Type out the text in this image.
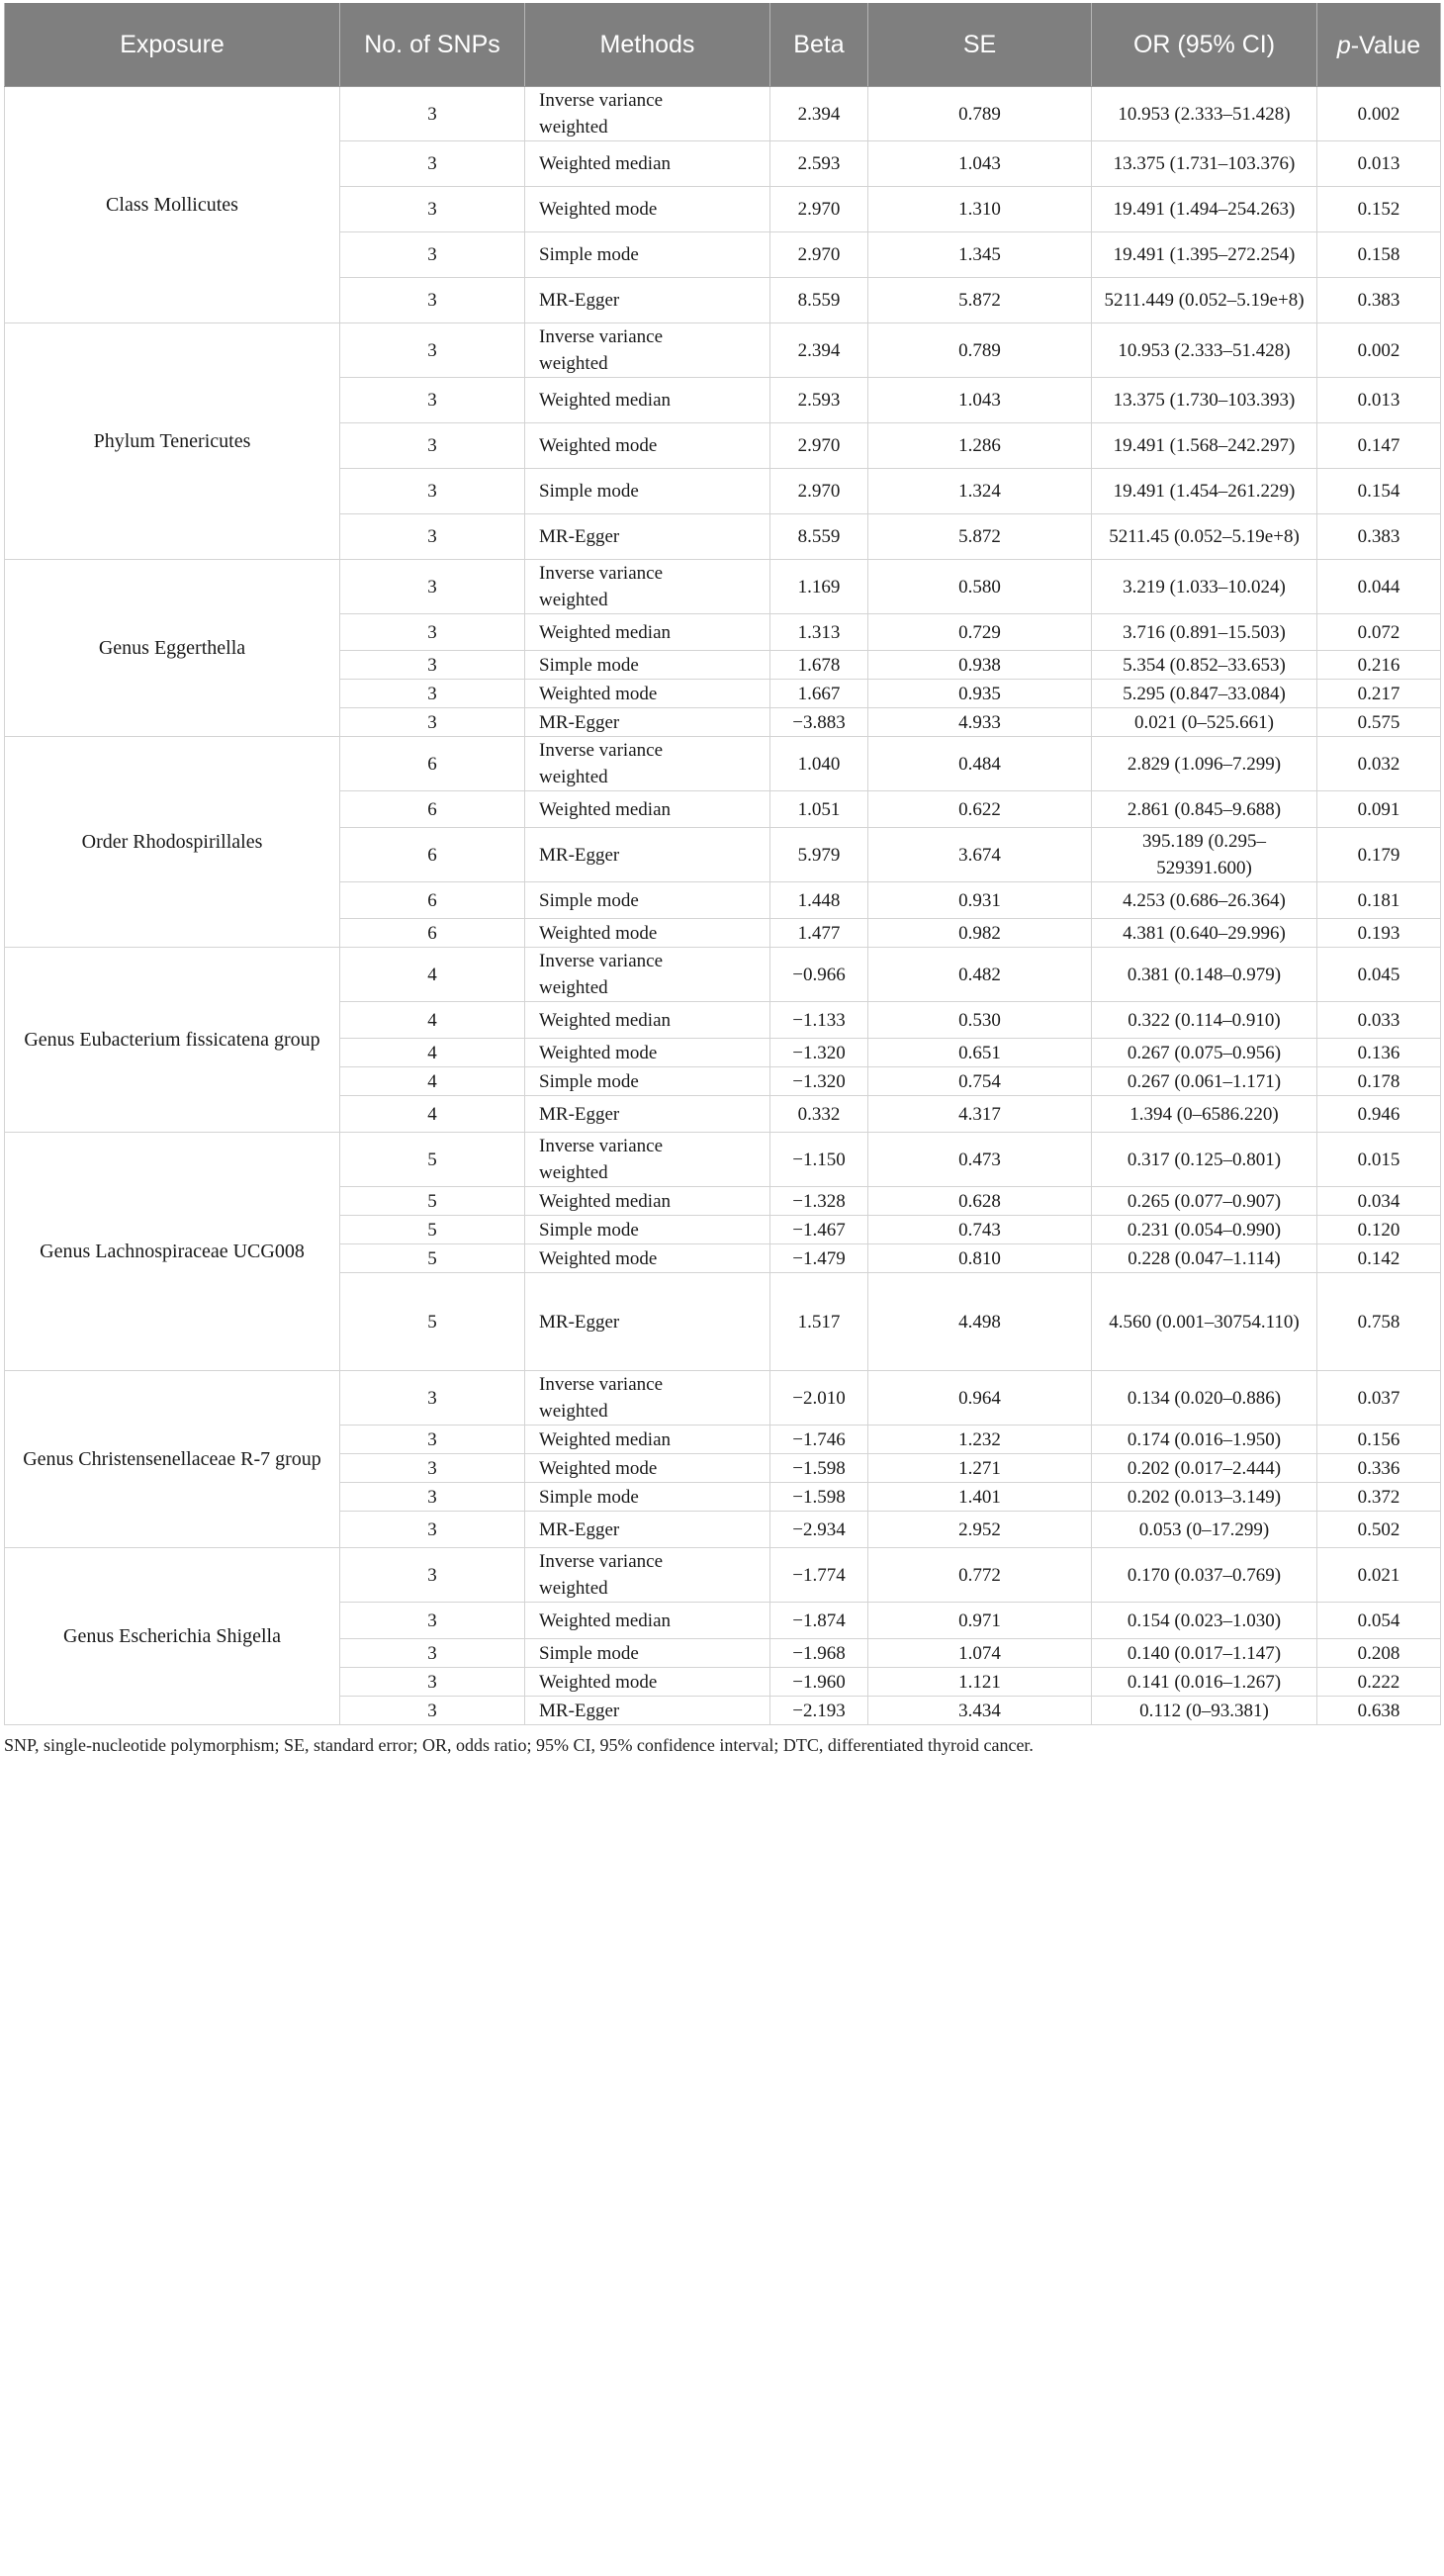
Exposure	No. of SNPs	Methods	Beta	SE	OR (95% CI)	p-Value
Class Mollicutes	3	Inverse variance weighted	2.394	0.789	10.953 (2.333–51.428)	0.002
	3	Weighted median	2.593	1.043	13.375 (1.731–103.376)	0.013
	3	Weighted mode	2.970	1.310	19.491 (1.494–254.263)	0.152
	3	Simple mode	2.970	1.345	19.491 (1.395–272.254)	0.158
	3	MR-Egger	8.559	5.872	5211.449 (0.052–5.19e+8)	0.383
Phylum Tenericutes	3	Inverse variance weighted	2.394	0.789	10.953 (2.333–51.428)	0.002
	3	Weighted median	2.593	1.043	13.375 (1.730–103.393)	0.013
	3	Weighted mode	2.970	1.286	19.491 (1.568–242.297)	0.147
	3	Simple mode	2.970	1.324	19.491 (1.454–261.229)	0.154
	3	MR-Egger	8.559	5.872	5211.45 (0.052–5.19e+8)	0.383
Genus Eggerthella	3	Inverse variance weighted	1.169	0.580	3.219 (1.033–10.024)	0.044
	3	Weighted median	1.313	0.729	3.716 (0.891–15.503)	0.072
	3	Simple mode	1.678	0.938	5.354 (0.852–33.653)	0.216
	3	Weighted mode	1.667	0.935	5.295 (0.847–33.084)	0.217
	3	MR-Egger	−3.883	4.933	0.021 (0–525.661)	0.575
Order Rhodospirillales	6	Inverse variance weighted	1.040	0.484	2.829 (1.096–7.299)	0.032
	6	Weighted median	1.051	0.622	2.861 (0.845–9.688)	0.091
	6	MR-Egger	5.979	3.674	395.189 (0.295–529391.600)	0.179
	6	Simple mode	1.448	0.931	4.253 (0.686–26.364)	0.181
	6	Weighted mode	1.477	0.982	4.381 (0.640–29.996)	0.193
Genus Eubacterium fissicatena group	4	Inverse variance weighted	−0.966	0.482	0.381 (0.148–0.979)	0.045
	4	Weighted median	−1.133	0.530	0.322 (0.114–0.910)	0.033
	4	Weighted mode	−1.320	0.651	0.267 (0.075–0.956)	0.136
	4	Simple mode	−1.320	0.754	0.267 (0.061–1.171)	0.178
	4	MR-Egger	0.332	4.317	1.394 (0–6586.220)	0.946
Genus Lachnospiraceae UCG008	5	Inverse variance weighted	−1.150	0.473	0.317 (0.125–0.801)	0.015
	5	Weighted median	−1.328	0.628	0.265 (0.077–0.907)	0.034
	5	Simple mode	−1.467	0.743	0.231 (0.054–0.990)	0.120
	5	Weighted mode	−1.479	0.810	0.228 (0.047–1.114)	0.142
	5	MR-Egger	1.517	4.498	4.560 (0.001–30754.110)	0.758
Genus Christensenellaceae R-7 group	3	Inverse variance weighted	−2.010	0.964	0.134 (0.020–0.886)	0.037
	3	Weighted median	−1.746	1.232	0.174 (0.016–1.950)	0.156
	3	Weighted mode	−1.598	1.271	0.202 (0.017–2.444)	0.336
	3	Simple mode	−1.598	1.401	0.202 (0.013–3.149)	0.372
	3	MR-Egger	−2.934	2.952	0.053 (0–17.299)	0.502
Genus Escherichia Shigella	3	Inverse variance weighted	−1.774	0.772	0.170 (0.037–0.769)	0.021
	3	Weighted median	−1.874	0.971	0.154 (0.023–1.030)	0.054
	3	Simple mode	−1.968	1.074	0.140 (0.017–1.147)	0.208
	3	Weighted mode	−1.960	1.121	0.141 (0.016–1.267)	0.222
	3	MR-Egger	−2.193	3.434	0.112 (0–93.381)	0.638
SNP, single-nucleotide polymorphism; SE, standard error; OR, odds ratio; 95% CI, 95% confidence interval; DTC, differentiated thyroid cancer.
